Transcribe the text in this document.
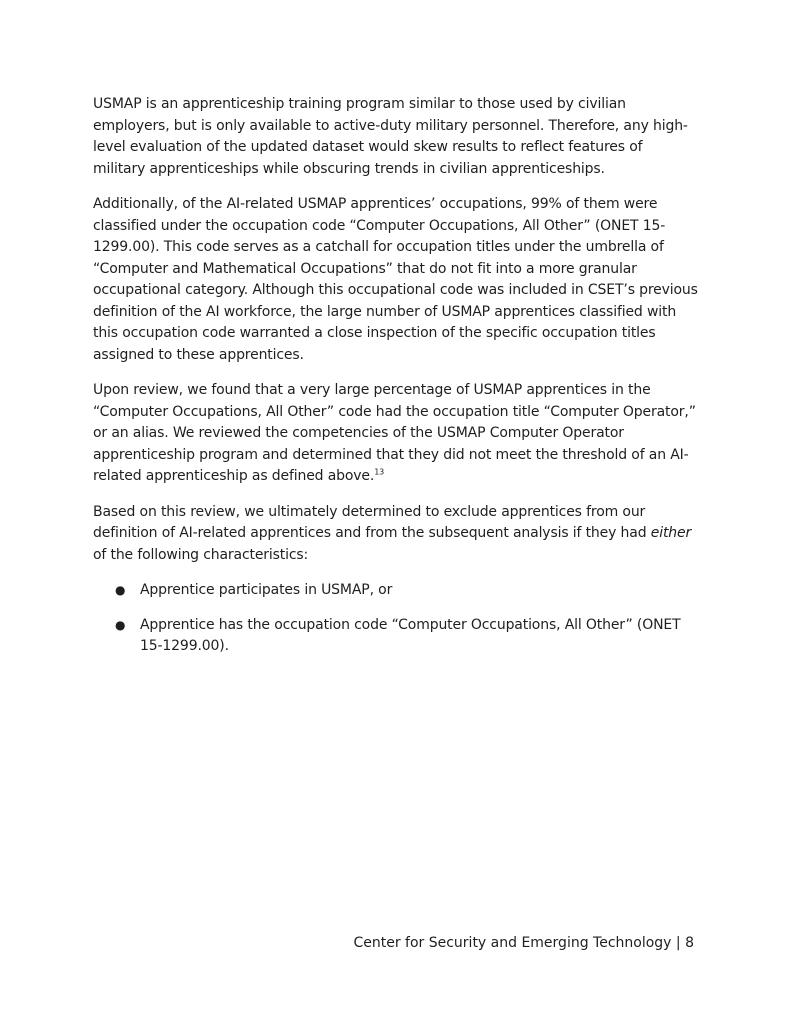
USMAP is an apprenticeship training program similar to those used by civilian employers, but is only available to active-duty military personnel. Therefore, any high-level evaluation of the updated dataset would skew results to reflect features of military apprenticeships while obscuring trends in civilian apprenticeships.

Additionally, of the AI-related USMAP apprentices’ occupations, 99% of them were classified under the occupation code “Computer Occupations, All Other” (ONET 15-1299.00). This code serves as a catchall for occupation titles under the umbrella of “Computer and Mathematical Occupations” that do not fit into a more granular occupational category. Although this occupational code was included in CSET’s previous definition of the AI workforce, the large number of USMAP apprentices classified with this occupation code warranted a close inspection of the specific occupation titles assigned to these apprentices.

Upon review, we found that a very large percentage of USMAP apprentices in the “Computer Occupations, All Other” code had the occupation title “Computer Operator,” or an alias. We reviewed the competencies of the USMAP Computer Operator apprenticeship program and determined that they did not meet the threshold of an AI-related apprenticeship as defined above.$^{13}$

Based on this review, we ultimately determined to exclude apprentices from our definition of AI-related apprentices and from the subsequent analysis if they had either of the following characteristics:

● Apprentice participates in USMAP, or
● Apprentice has the occupation code “Computer Occupations, All Other” (ONET 15-1299.00).
Center for Security and Emerging Technology | 8
